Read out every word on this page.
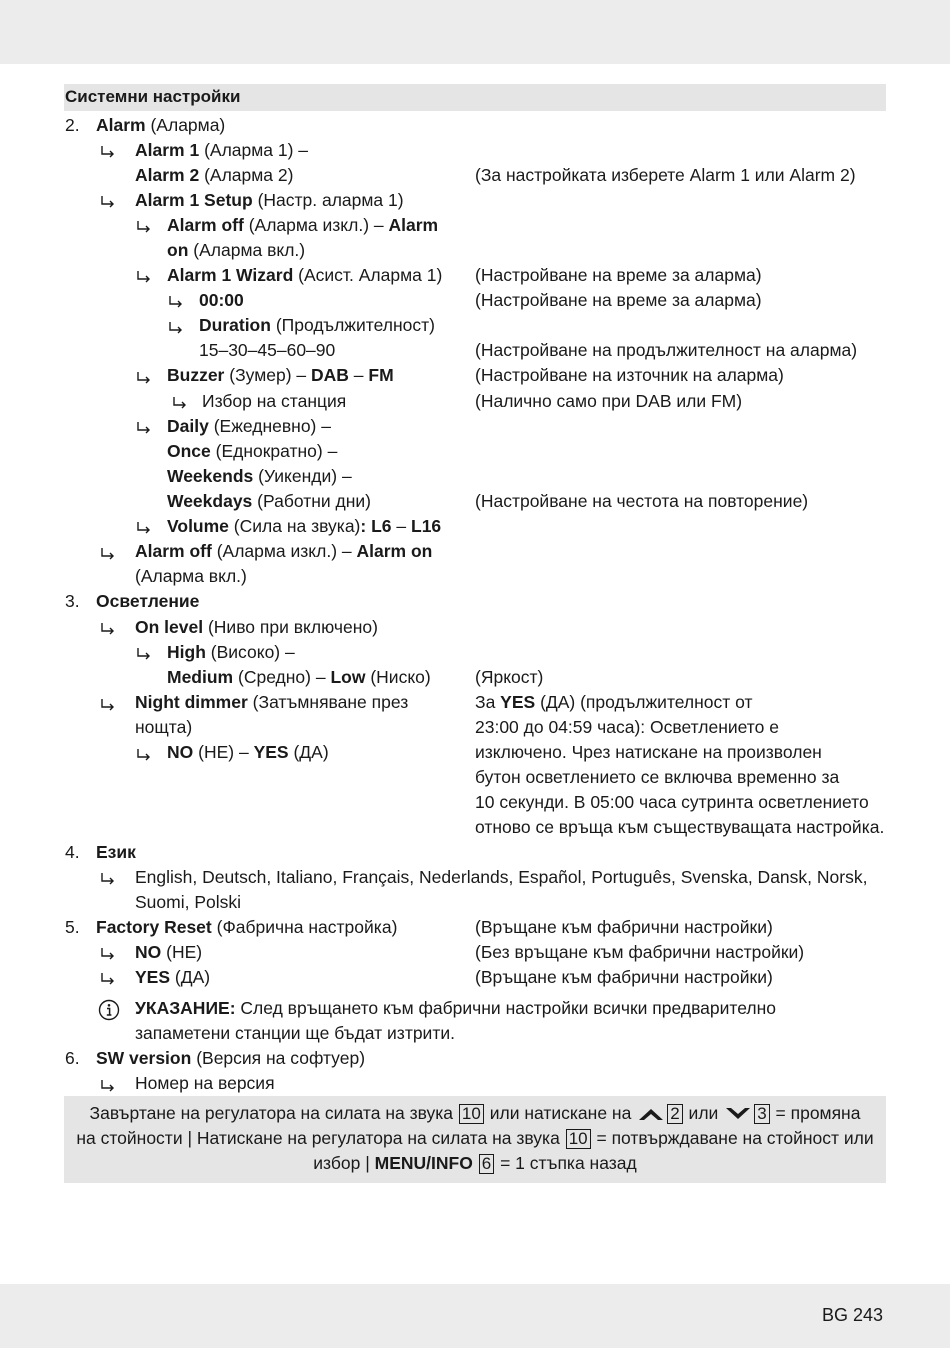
Системни настройки
2. Alarm (Аларма)
Alarm 1 (Аларма 1) –
Alarm 2 (Аларма 2)	(За настройката изберете Alarm 1 или Alarm 2)
Alarm 1 Setup (Настр. аларма 1)
Alarm off (Аларма изкл.) – Alarm
on (Аларма вкл.)
Alarm 1 Wizard (Асист. Аларма 1) (Настройване на време за аларма)
00:00	(Настройване на време за аларма)
Duration (Продължителност)
15–30–45–60–90	(Настройване на продължителност на аларма)
Buzzer (Зумер) – DAB – FM	(Настройване на източник на аларма)
Избор на станция	(Налично само при DAB или FM)
Daily (Ежедневно) –
Once (Еднократно) –
Weekends (Уикенди) –
Weekdays (Работни дни)	(Настройване на честота на повторение)
Volume (Сила на звука): L6 – L16
Alarm off (Аларма изкл.) – Alarm on
(Аларма вкл.)
3. Осветление
On level (Ниво при включено)
High (Високо) –
Medium (Средно) – Low (Ниско)	(Яркост)
Night dimmer (Затъмняване през
нощта)
NO (НЕ) – YES (ДА)
За YES (ДА) (продължителност от
23:00 до 04:59 часа): Осветлението е
изключено. Чрез натискане на произволен
бутон осветлението се включва временно за
10 секунди. В 05:00 часа сутринта осветлението
отново се връща към съществуващата настройка.
4. Език
English, Deutsch, Italiano, Français, Nederlands, Español, Português, Svenska, Dansk, Norsk,
Suomi, Polski
5. Factory Reset (Фабрична настройка)	(Връщане към фабрични настройки)
NO (НЕ)	(Без връщане към фабрични настройки)
YES (ДА)	(Връщане към фабрични настройки)
УКАЗАНИЕ: След връщането към фабрични настройки всички предварително
запаметени станции ще бъдат изтрити.
6. SW version (Версия на софтуер)
Номер на версия
Завъртане на регулатора на силата на звука 10 или натискане на 2 или 3 = промяна
на стойности | Натискане на регулатора на силата на звука 10 = потвърждаване на стойност или
избор | MENU/INFO 6 = 1 стъпка назад
BG 243
